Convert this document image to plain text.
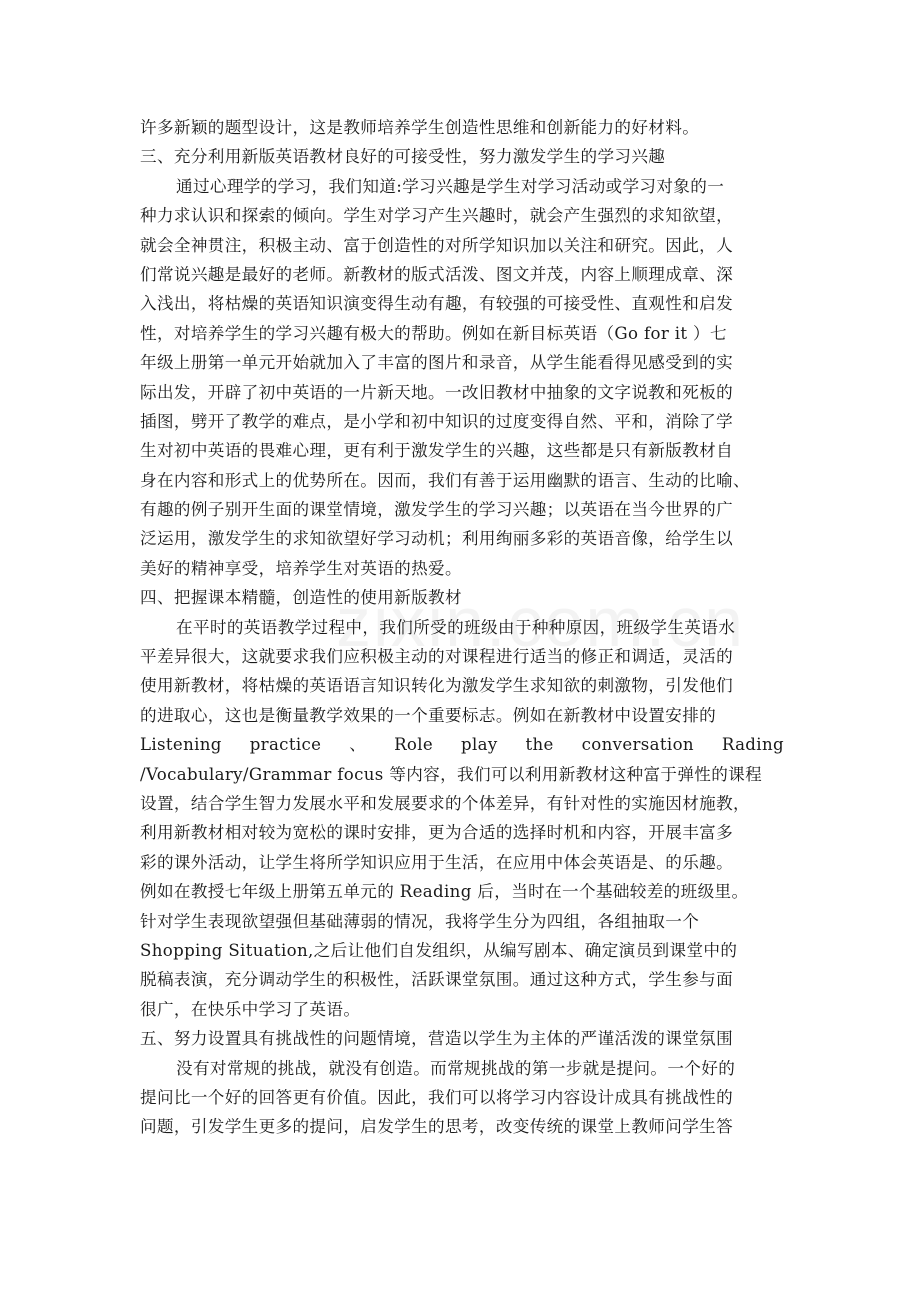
许多新颖的题型设计，这是教师培养学生创造性思维和创新能力的好材料。
三、充分利用新版英语教材良好的可接受性，努力激发学生的学习兴趣
通过心理学的学习，我们知道:学习兴趣是学生对学习活动或学习对象的一
种力求认识和探索的倾向。学生对学习产生兴趣时，就会产生强烈的求知欲望，
就会全神贯注，积极主动、富于创造性的对所学知识加以关注和研究。因此，人
们常说兴趣是最好的老师。新教材的版式活泼、图文并茂，内容上顺理成章、深
入浅出，将枯燥的英语知识演变得生动有趣，有较强的可接受性、直观性和启发
性，对培养学生的学习兴趣有极大的帮助。例如在新目标英语（Go for it ）七
年级上册第一单元开始就加入了丰富的图片和录音，从学生能看得见感受到的实
际出发，开辟了初中英语的一片新天地。一改旧教材中抽象的文字说教和死板的
插图，劈开了教学的难点，是小学和初中知识的过度变得自然、平和，消除了学
生对初中英语的畏难心理，更有利于激发学生的兴趣，这些都是只有新版教材自
身在内容和形式上的优势所在。因而，我们有善于运用幽默的语言、生动的比喻、
有趣的例子别开生面的课堂情境，激发学生的学习兴趣；以英语在当今世界的广
泛运用，激发学生的求知欲望好学习动机；利用绚丽多彩的英语音像，给学生以
美好的精神享受，培养学生对英语的热爱。
四、把握课本精髓，创造性的使用新版教材
在平时的英语教学过程中，我们所受的班级由于种种原因，班级学生英语水
平差异很大，这就要求我们应积极主动的对课程进行适当的修正和调适，灵活的
使用新教材，将枯燥的英语语言知识转化为激发学生求知欲的刺激物，引发他们
的进取心，这也是衡量教学效果的一个重要标志。例如在新教材中设置安排的
Listening practice 、 Role play the conversation Rading
/Vocabulary/Grammar focus 等内容，我们可以利用新教材这种富于弹性的课程
设置，结合学生智力发展水平和发展要求的个体差异，有针对性的实施因材施教，
利用新教材相对较为宽松的课时安排，更为合适的选择时机和内容，开展丰富多
彩的课外活动，让学生将所学知识应用于生活，在应用中体会英语是、的乐趣。
例如在教授七年级上册第五单元的 Reading 后，当时在一个基础较差的班级里。
针对学生表现欲望强但基础薄弱的情况，我将学生分为四组，各组抽取一个
Shopping Situation,之后让他们自发组织，从编写剧本、确定演员到课堂中的
脱稿表演，充分调动学生的积极性，活跃课堂氛围。通过这种方式，学生参与面
很广，在快乐中学习了英语。
五、努力设置具有挑战性的问题情境，营造以学生为主体的严谨活泼的课堂氛围
没有对常规的挑战，就没有创造。而常规挑战的第一步就是提问。一个好的
提问比一个好的回答更有价值。因此，我们可以将学习内容设计成具有挑战性的
问题，引发学生更多的提问，启发学生的思考，改变传统的课堂上教师问学生答
